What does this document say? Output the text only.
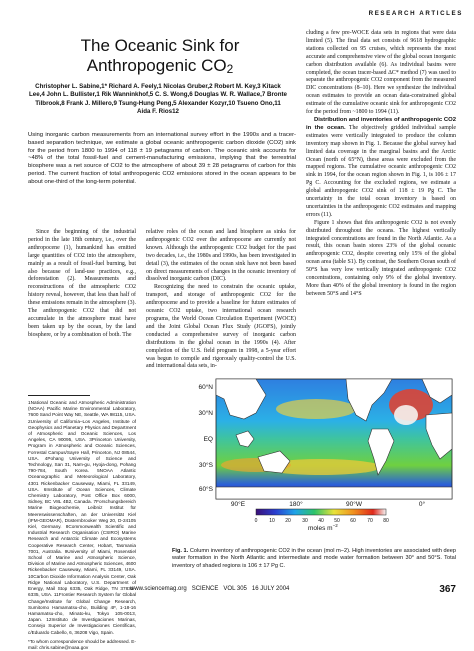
RESEARCH ARTICLES
The Oceanic Sink for
Anthropogenic CO2
Christopher L. Sabine,1* Richard A. Feely,1 Nicolas Gruber,2 Robert M. Key,3 Kitack Lee,4 John L. Bullister,1 Rik Wanninkhof,5 C. S. Wong,6 Douglas W. R. Wallace,7 Bronte Tilbrook,8 Frank J. Millero,9 Tsung-Hung Peng,5 Alexander Kozyr,10 Tsueno Ono,11 Aida F. Rios12
Using inorganic carbon measurements from an international survey effort in the 1990s and a tracer-based separation technique, we estimate a global oceanic anthropogenic carbon dioxide (CO2) sink for the period from 1800 to 1994 of 118 ± 19 petagrams of carbon. The oceanic sink accounts for ~48% of the total fossil-fuel and cement-manufacturing emissions, implying that the terrestrial biosphere was a net source of CO2 to the atmosphere of about 39 ± 28 petagrams of carbon for this period. The current fraction of total anthropogenic CO2 emissions stored in the ocean appears to be about one-third of the long-term potential.

Since the beginning of the industrial period in the late 18th century, i.e., over the anthropocene (1), humankind has emitted large quantities of CO2 into the atmosphere, mainly as a result of fossil-fuel burning, but also because of land-use practices, e.g., deforestation (2). Measurements and reconstructions of the atmospheric CO2 history reveal, however, that less than half of these emissions remain in the atmosphere (3). The anthropogenic CO2 that did not accumulate in the atmosphere must have been taken up by the ocean, by the land biosphere, or by a combination of both. The

1National Oceanic and Atmospheric Administration (NOAA) Pacific Marine Environmental Laboratory, 7600 Sand Point Way NE, Seattle, WA 98115, USA. 2University of California–Los Angeles, Institute of Geophysics and Planetary Physics and Department of Atmospheric and Oceanic Sciences, Los Angeles, CA 90095, USA. 3Princeton University, Program in Atmospheric and Oceanic Sciences, Forrestal Campus/Sayre Hall, Princeton, NJ 08544, USA. 4Pohang University of Science and Technology, San 31, Nam-gu, Hyoja-dong, Pohang 790-784, South Korea. 5NOAA Atlantic Oceanographic and Meteorological Laboratory, 4301 Rickenbacker Causeway, Miami, FL 33149, USA. 6Institute of Ocean Sciences, Climate Chemistry Laboratory, Post Office Box 6000, Sidney, BC V8L 4B2, Canada. 7Forschungsbereich Marine Biogeochemie, Leibniz Institut für Meereswissenschaften, an der Universität Kiel (IFM-GEOMAR), Düsternbrooker Weg 20, D-24105 Kiel, Germany. 8Commonwealth Scientific and Industrial Research Organisation (CSIRO) Marine Research and Antarctic Climate and Ecosystems Cooperative Research Center, Hobart, Tasmania 7001, Australia. 9University of Miami, Rosenstiel School of Marine and Atmospheric Science, Division of Marine and Atmospheric Sciences, 4600 Rickenbacker Causeway, Miami, FL 33149, USA. 10Carbon Dioxide Information Analysis Center, Oak Ridge National Laboratory, U.S. Department of Energy, Mail Stop 6335, Oak Ridge, TN 37831–6335, USA. 11Frontier Research System for Global Change/Institute for Global Change Research, Sumitomo Hamamatsu-cho, Building 4F, 1-18-16 Hamamatsu-cho, Minato-ku, Tokyo 105-0013, Japan. 12Instituto de Investigaciones Marinas, Consejo Superior de Investigaciones Científicas, c/Eduardo Cabello, 6, 36208 Vigo, Spain.
*To whom correspondence should be addressed. E-mail: chris.sabine@noaa.gov

relative roles of the ocean and land biosphere as sinks for anthropogenic CO2 over the anthropocene are currently not known. Although the anthropogenic CO2 budget for the past two decades, i.e., the 1980s and 1990s, has been investigated in detail (3), the estimates of the ocean sink have not been based on direct measurements of changes in the oceanic inventory of dissolved inorganic carbon (DIC).

Recognizing the need to constrain the oceanic uptake, transport, and storage of anthropogenic CO2 for the anthropocene and to provide a baseline for future estimates of oceanic CO2 uptake, two international ocean research programs, the World Ocean Circulation Experiment (WOCE) and the Joint Global Ocean Flux Study (JGOFS), jointly conducted a comprehensive survey of inorganic carbon distributions in the global ocean in the 1990s (4). After completion of the U.S. field program in 1998, a 5-year effort was begun to compile and rigorously quality-control the U.S. and international data sets, in-

cluding a few pre-WOCE data sets in regions that were data limited (5). The final data set consists of 9618 hydrographic stations collected on 95 cruises, which represents the most accurate and comprehensive view of the global ocean inorganic carbon distribution available (6). As individual basins were completed, the ocean tracer-based ΔC* method (7) was used to separate the anthropogenic CO2 component from the measured DIC concentrations (8–10). Here we synthesize the individual ocean estimates to provide an ocean data-constrained global estimate of the cumulative oceanic sink for anthropogenic CO2 for the period from ~1800 to 1994 (11).

Distribution and inventories of anthropogenic CO2 in the ocean. The objectively gridded individual sample estimates were vertically integrated to produce the column inventory map shown in Fig. 1. Because the global survey had limited data coverage in the marginal basins and the Arctic Ocean (north of 65°N), these areas were excluded from the mapped regions. The cumulative oceanic anthropogenic CO2 sink in 1994, for the ocean region shown in Fig. 1, is 106 ± 17 Pg C. Accounting for the excluded regions, we estimate a global anthropogenic CO2 sink of 118 ± 19 Pg C. The uncertainty in the total ocean inventory is based on uncertainties in the anthropogenic CO2 estimates and mapping errors (11).

Figure 1 shows that this anthropogenic CO2 is not evenly distributed throughout the oceans. The highest vertically integrated concentrations are found in the North Atlantic. As a result, this ocean basin stores 23% of the global oceanic anthropogenic CO2, despite covering only 15% of the global ocean area (table S1). By contrast, the Southern Ocean south of 50°S has very low vertically integrated anthropogenic CO2 concentrations, containing only 9% of the global inventory. More than 40% of the global inventory is found in the region between 50°S and 14°S

60°N
30°N
EQ
30°S
60°S
90°E	180°	90°W	0°
0 10 20 30 40 50 60 70 80
moles $m^{-2}$
Fig. 1. Column inventory of anthropogenic CO2 in the ocean (mol m−2). High inventories are associated with deep water formation in the North Atlantic and intermediate and mode water formation between 30° and 50°S. Total inventory of shaded regions is 106 ± 17 Pg C.
www.sciencemag.org SCIENCE VOL 305 16 JULY 2004	367
